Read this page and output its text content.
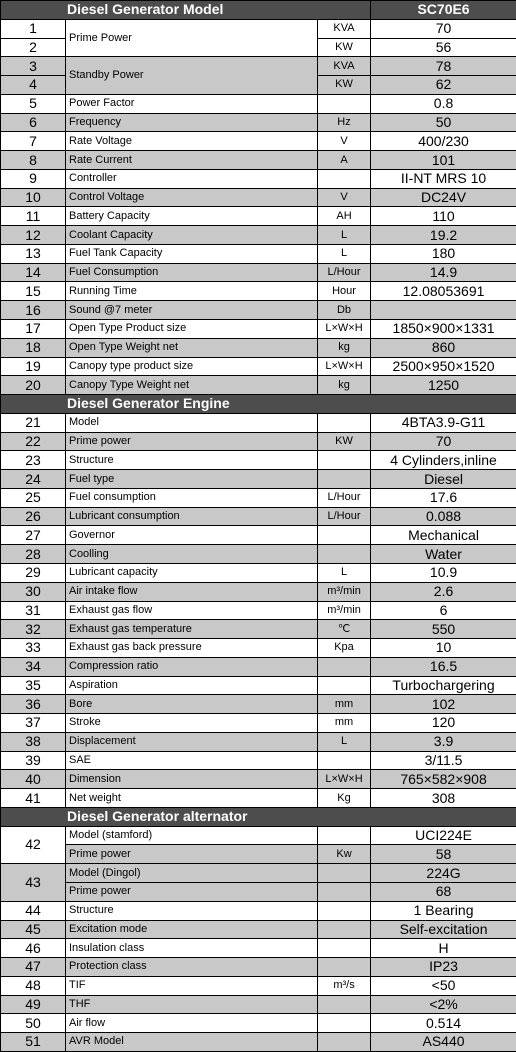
Diesel Generator Model			SC70E6
1	Prime Power	KVA	70
2		KW	56
3	Standby Power	KVA	78
4		KW	62
5	Power Factor		0.8
6	Frequency	Hz	50
7	Rate Voltage	V	400/230
8	Rate Current	A	101
9	Controller		II-NT MRS 10
10	Control Voltage	V	DC24V
11	Battery Capacity	AH	110
12	Coolant Capacity	L	19.2
13	Fuel Tank Capacity	L	180
14	Fuel Consumption	L/Hour	14.9
15	Running Time	Hour	12.08053691
16	Sound @7 meter	Db	
17	Open Type Product size	L×W×H	1850×900×1331
18	Open Type Weight net	kg	860
19	Canopy type product size	L×W×H	2500×950×1520
20	Canopy Type Weight net	kg	1250
Diesel Generator Engine			
21	Model		4BTA3.9-G11
22	Prime power	KW	70
23	Structure		4 Cylinders,inline
24	Fuel type		Diesel
25	Fuel consumption	L/Hour	17.6
26	Lubricant consumption	L/Hour	0.088
27	Governor		Mechanical
28	Coolling		Water
29	Lubricant capacity	L	10.9
30	Air intake flow	m³/min	2.6
31	Exhaust gas flow	m³/min	6
32	Exhaust gas temperature	℃	550
33	Exhaust gas back pressure	Kpa	10
34	Compression ratio		16.5
35	Aspiration		Turbochargering
36	Bore	mm	102
37	Stroke	mm	120
38	Displacement	L	3.9
39	SAE		3/11.5
40	Dimension	L×W×H	765×582×908
41	Net weight	Kg	308
Diesel Generator alternator			
42	Model (stamford)		UCI224E
	Prime power	Kw	58
43	Model (Dingol)		224G
	Prime power		68
44	Structure		1 Bearing
45	Excitation mode		Self-excitation
46	Insulation class		H
47	Protection class		IP23
48	TIF	m³/s	<50
49	THF		<2%
50	Air flow		0.514
51	AVR Model		AS440
